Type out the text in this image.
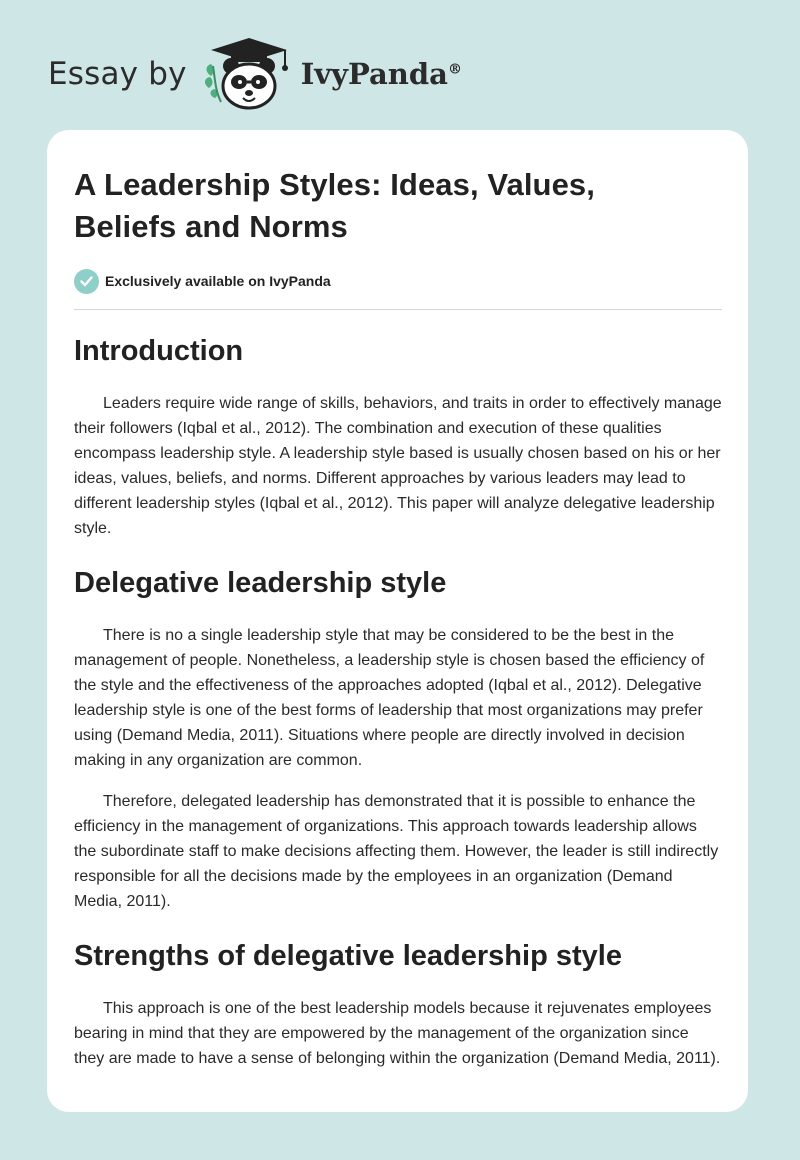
Essay by	IvyPanda®
A Leadership Styles: Ideas, Values,
Beliefs and Norms
Exclusively available on IvyPanda
Introduction

Leaders require wide range of skills, behaviors, and traits in order to effectively manage their followers (Iqbal et al., 2012). The combination and execution of these qualities encompass leadership style. A leadership style based is usually chosen based on his or her ideas, values, beliefs, and norms. Different approaches by various leaders may lead to different leadership styles (Iqbal et al., 2012). This paper will analyze delegative leadership style.

Delegative leadership style

There is no a single leadership style that may be considered to be the best in the management of people. Nonetheless, a leadership style is chosen based the efficiency of the style and the effectiveness of the approaches adopted (Iqbal et al., 2012). Delegative leadership style is one of the best forms of leadership that most organizations may prefer using (Demand Media, 2011). Situations where people are directly involved in decision making in any organization are common.

Therefore, delegated leadership has demonstrated that it is possible to enhance the efficiency in the management of organizations. This approach towards leadership allows the subordinate staff to make decisions affecting them. However, the leader is still indirectly responsible for all the decisions made by the employees in an organization (Demand Media, 2011).

Strengths of delegative leadership style

This approach is one of the best leadership models because it rejuvenates employees bearing in mind that they are empowered by the management of the organization since they are made to have a sense of belonging within the organization (Demand Media, 2011).
